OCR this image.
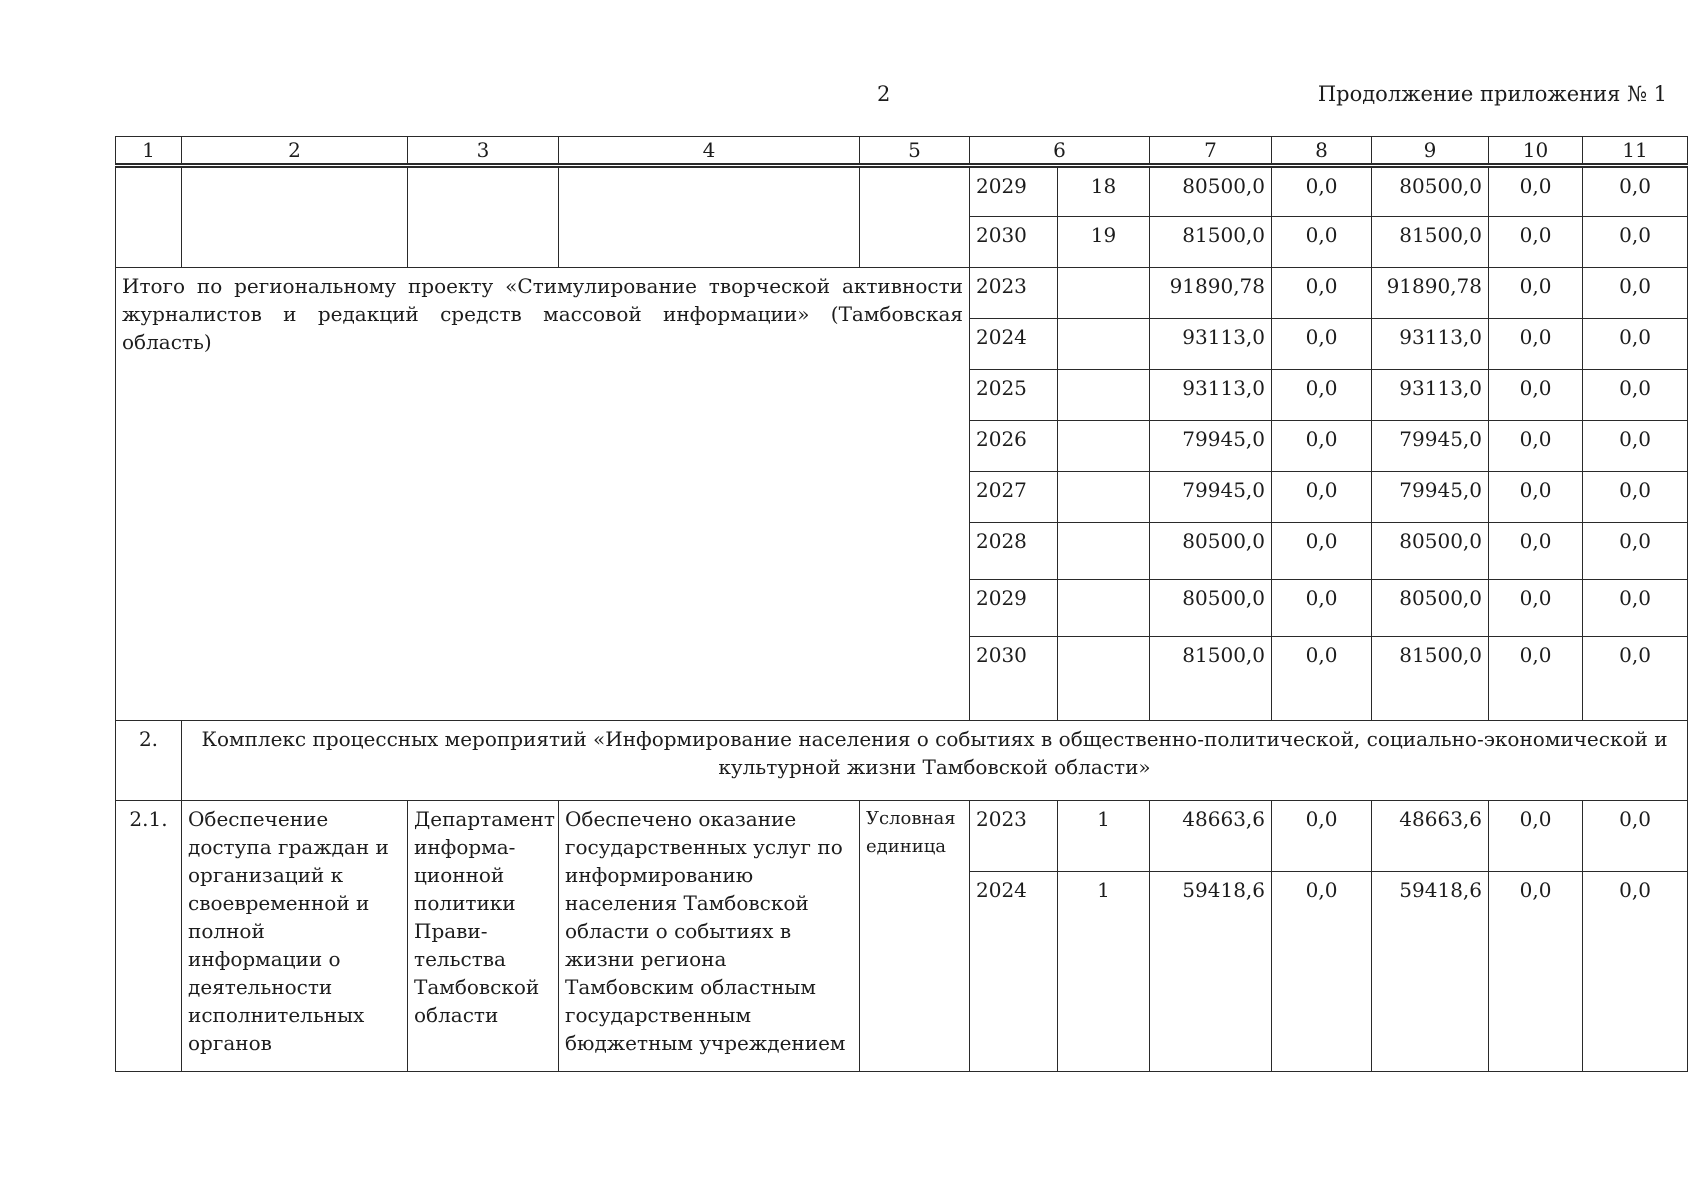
2	Продолжение приложения № 1
1	2	3	4	5	6		7	8	9	10	11
					2029	18	80500,0	0,0	80500,0	0,0	0,0
					2030	19	81500,0	0,0	81500,0	0,0	0,0
Итого по региональному проекту «Стимулирование творческой активности журналистов и редакций средств массовой информации» (Тамбовская область)					2023		91890,78	0,0	91890,78	0,0	0,0
					2024		93113,0	0,0	93113,0	0,0	0,0
					2025		93113,0	0,0	93113,0	0,0	0,0
					2026		79945,0	0,0	79945,0	0,0	0,0
					2027		79945,0	0,0	79945,0	0,0	0,0
					2028		80500,0	0,0	80500,0	0,0	0,0
					2029		80500,0	0,0	80500,0	0,0	0,0
					2030		81500,0	0,0	81500,0	0,0	0,0
2.	Комплекс процессных мероприятий «Информирование населения о событиях в общественно-политической, социально-экономической и культурной жизни Тамбовской области»										
2.1.	Обеспечение доступа граждан и организаций к своевременной и полной информации о деятельности исполнительных органов	Департамент информа-ционной политики Прави-тельства Тамбовской области	Обеспечено оказание государственных услуг по информированию населения Тамбовской области о событиях в жизни региона Тамбовским областным государственным бюджетным учреждением	Условная единица	2023	1	48663,6	0,0	48663,6	0,0	0,0
					2024	1	59418,6	0,0	59418,6	0,0	0,0
